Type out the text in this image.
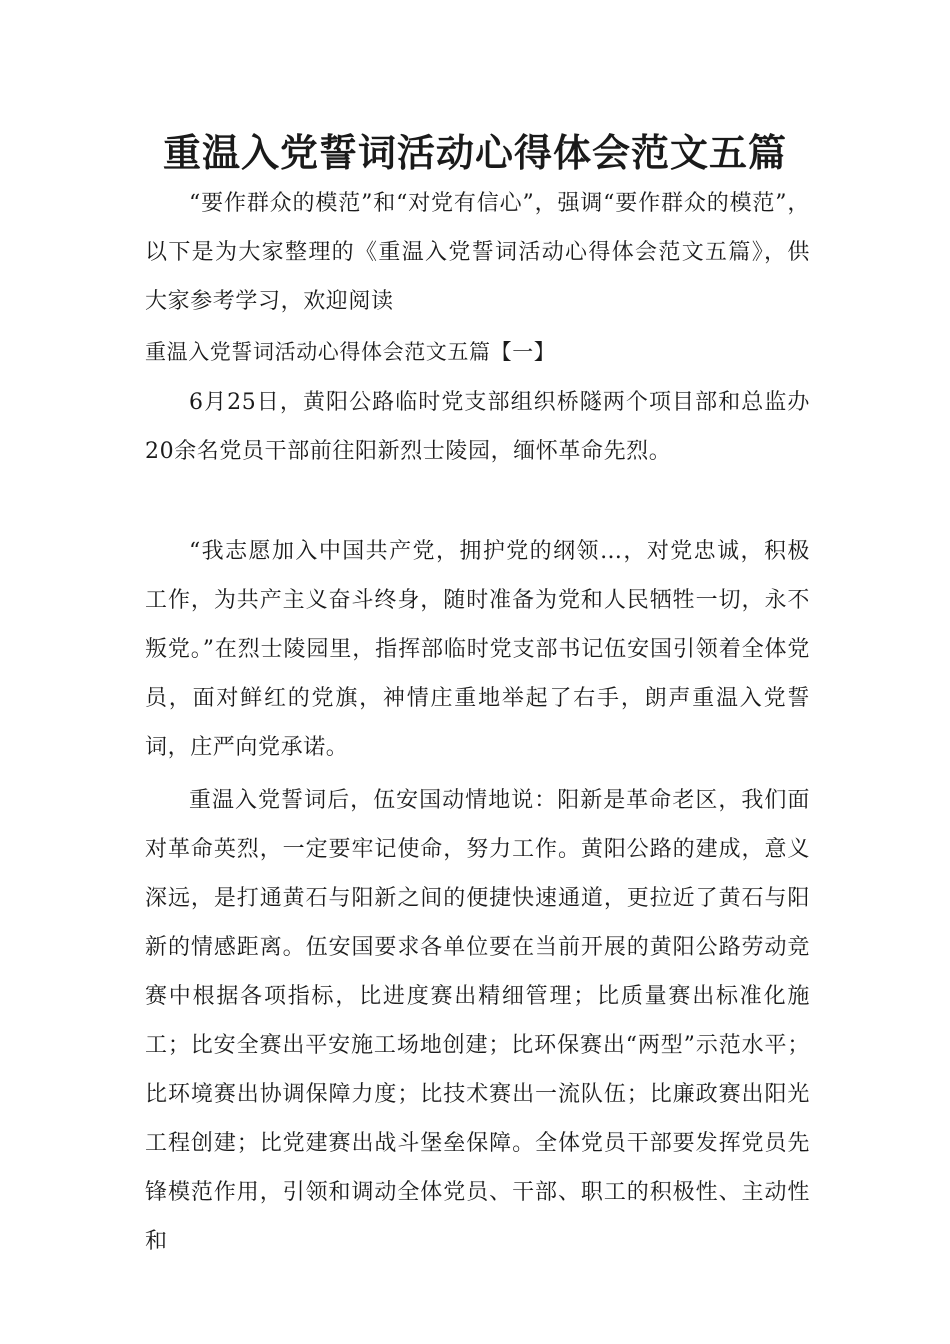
重温入党誓词活动心得体会范文五篇

“要作群众的模范”和“对党有信心”，强调“要作群众的模范”，以下是为大家整理的《重温入党誓词活动心得体会范文五篇》，供大家参考学习，欢迎阅读

重温入党誓词活动心得体会范文五篇【一】

6月25日，黄阳公路临时党支部组织桥隧两个项目部和总监办20余名党员干部前往阳新烈士陵园，缅怀革命先烈。

“我志愿加入中国共产党，拥护党的纲领…，对党忠诚，积极工作，为共产主义奋斗终身，随时准备为党和人民牺牲一切，永不叛党。”在烈士陵园里，指挥部临时党支部书记伍安国引领着全体党员，面对鲜红的党旗，神情庄重地举起了右手，朗声重温入党誓词，庄严向党承诺。

重温入党誓词后，伍安国动情地说：阳新是革命老区，我们面对革命英烈，一定要牢记使命，努力工作。黄阳公路的建成，意义深远，是打通黄石与阳新之间的便捷快速通道，更拉近了黄石与阳新的情感距离。伍安国要求各单位要在当前开展的黄阳公路劳动竞赛中根据各项指标，比进度赛出精细管理；比质量赛出标准化施工；比安全赛出平安施工场地创建；比环保赛出“两型”示范水平；比环境赛出协调保障力度；比技术赛出一流队伍；比廉政赛出阳光工程创建；比党建赛出战斗堡垒保障。全体党员干部要发挥党员先锋模范作用，引领和调动全体党员、干部、职工的积极性、主动性和
